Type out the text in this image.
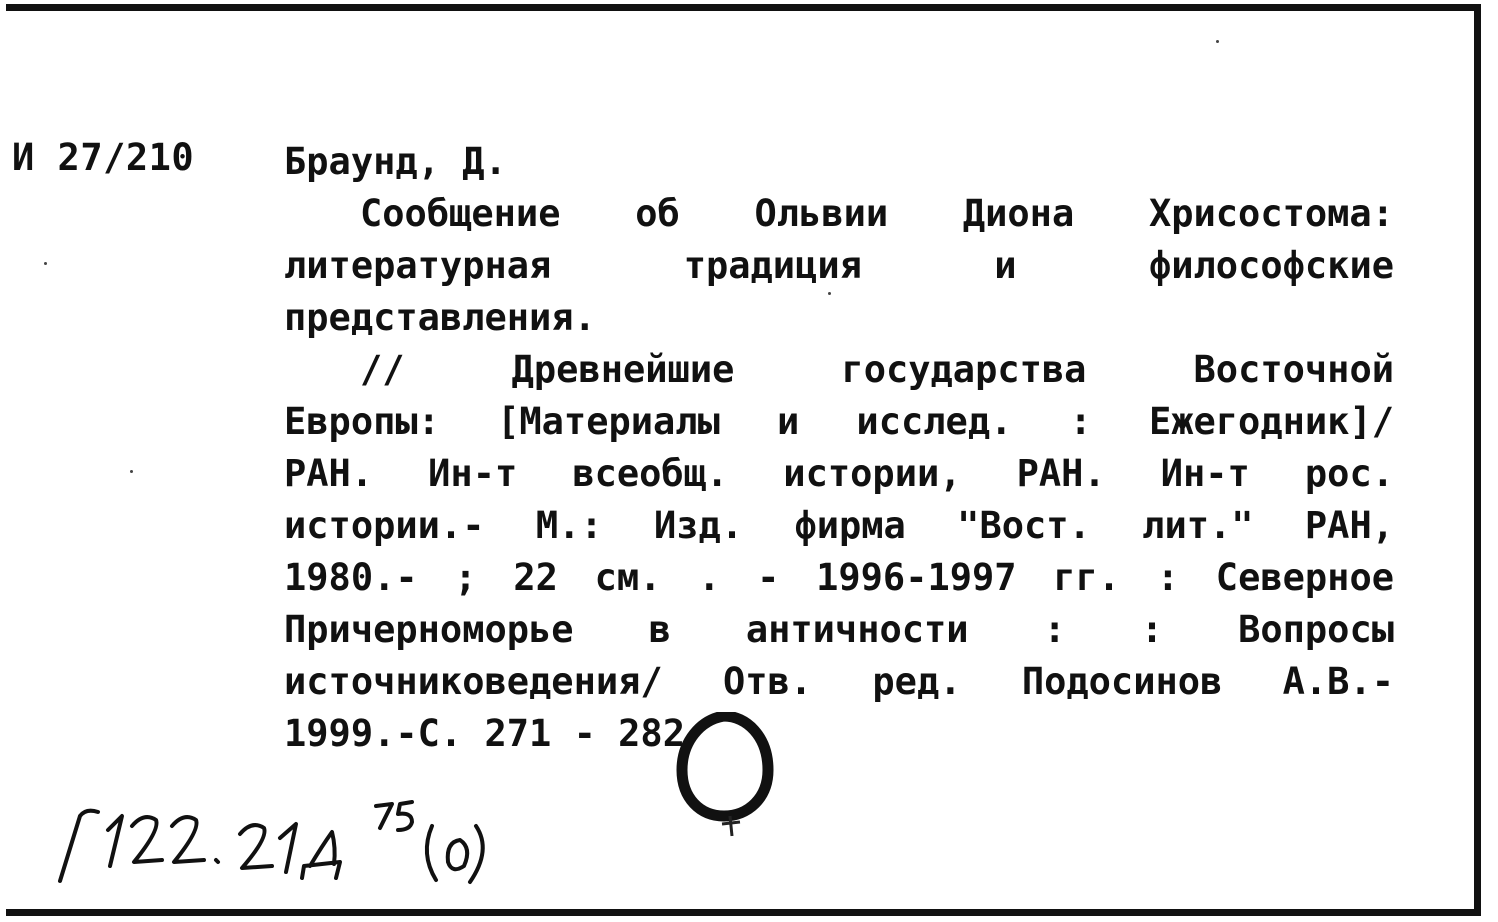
И 27/210 Браунд, Д.
Сообщение об Ольвии Диона Хрисостома:
литературная традиция и философские
представления.
// Древнейшие государства Восточной
Европы: [Материалы и исслед. : Ежегодник]/
РАН. Ин-т всеобщ. истории, РАН. Ин-т рос.
истории.- М.: Изд. фирма "Вост. лит." РАН,
1980.- ; 22 см. . - 1996-1997 гг. : Северное
Причерноморье в античности : : Вопросы
источниковедения/ Отв. ред. Подосинов А.В.-
1999.-С. 271 - 282
